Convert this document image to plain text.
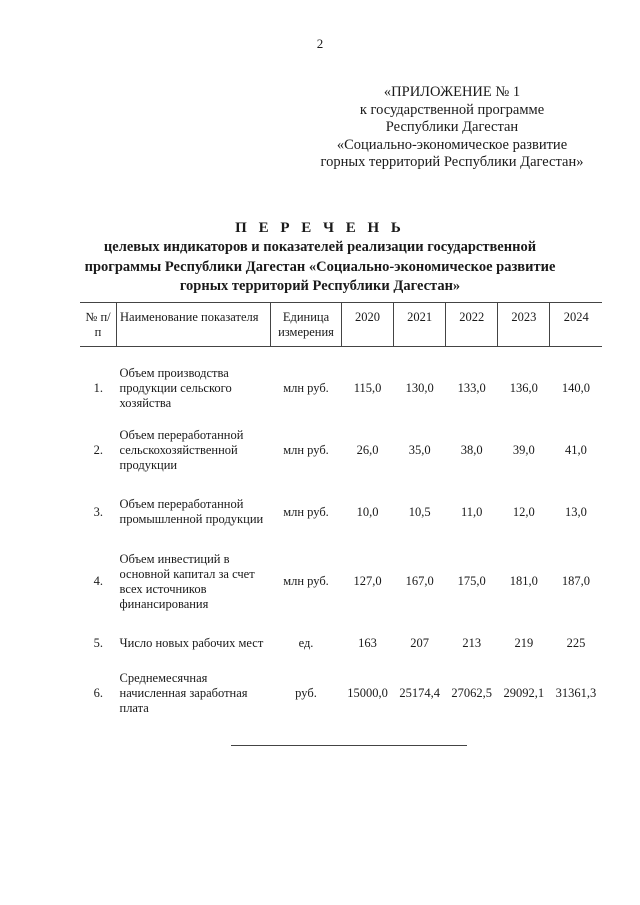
2
«ПРИЛОЖЕНИЕ № 1
к государственной программе
Республики Дагестан
«Социально-экономическое развитие
горных территорий Республики Дагестан»
П Е Р Е Ч Е Н Ь
целевых индикаторов и показателей реализации государственной
программы Республики Дагестан «Социально-экономическое развитие
горных территорий Республики Дагестан»
№ п/п	Наименование показателя	Единица измерения	2020	2021	2022	2023	2024

1.	Объем производства продукции сельского хозяйства	млн руб.	115,0	130,0	133,0	136,0	140,0
2.	Объем переработанной сельскохозяйственной продукции	млн руб.	26,0	35,0	38,0	39,0	41,0
3.	Объем переработанной промышленной продукции	млн руб.	10,0	10,5	11,0	12,0	13,0
4.	Объем инвестиций в основной капитал за счет всех источников финансирования	млн руб.	127,0	167,0	175,0	181,0	187,0
5.	Число новых рабочих мест	ед.	163	207	213	219	225
6.	Среднемесячная начисленная заработная плата	руб.	15000,0	25174,4	27062,5	29092,1	31361,3
